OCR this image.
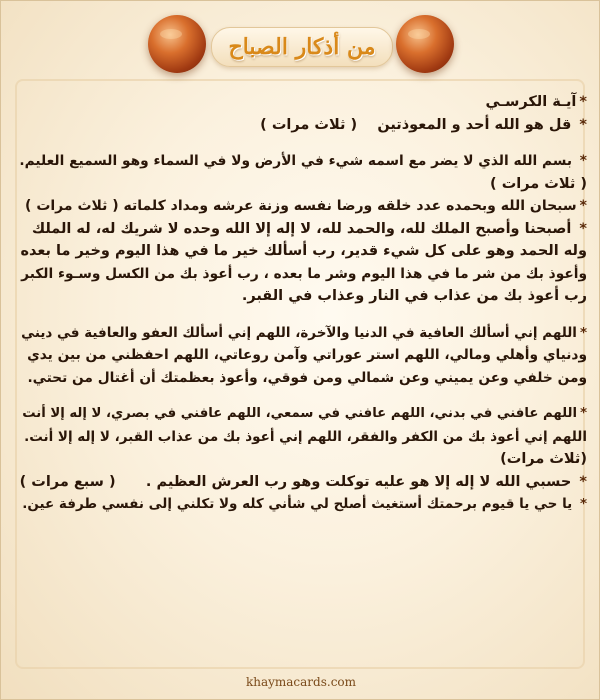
من أذكار الصباح
*آيـة الكرسـي
* قل هو الله أحد و المعوذتين    ( ثلاث مرات )
* بسم الله الذي لا يضر مع اسمه شيء في الأرض ولا في السماء وهو السميع العليم.
( ثلاث مرات )
*سبحان الله وبحمده عدد خلقه ورضا نفسه وزنة عرشه ومداد كلماته ( ثلاث مرات )
* أصبحنا وأصبح الملك لله، والحمد لله، لا إله إلا الله وحده لا شريك له، له الملك
وله الحمد وهو على كل شيء قدير، رب أسألك خير ما في هذا اليوم وخير ما بعده
وأعوذ بك من شر ما في هذا اليوم وشر ما بعده ، رب أعوذ بك من الكسل وسـوء الكبر
رب أعوذ بك من عذاب في النار وعذاب في القبر.
*اللهم إني أسألك العافية في الدنيا والآخرة، اللهم إني أسألك العفو والعافية في ديني
ودنياي وأهلي ومالي، اللهم استر عوراتي وآمن روعاتي، اللهم احفظني من بين يدي
ومن خلفي وعن يميني وعن شمالي ومن فوقي، وأعوذ بعظمتك أن أغتال من تحتي.
*اللهم عافني في بدني، اللهم عافني في سمعي، اللهم عافني في بصري، لا إله إلا أنت
اللهم إني أعوذ بك من الكفر والفقر، اللهم إني أعوذ بك من عذاب القبر، لا إله إلا أنت.
(ثلاث مرات)
* حسبي الله لا إله إلا هو عليه توكلت وهو رب العرش العظيم .      ( سبع مرات )
* يا حي يا قيوم برحمتك أستغيث أصلح لي شأني كله ولا تكلني إلى نفسي طرفة عين.
khaymacards.com
